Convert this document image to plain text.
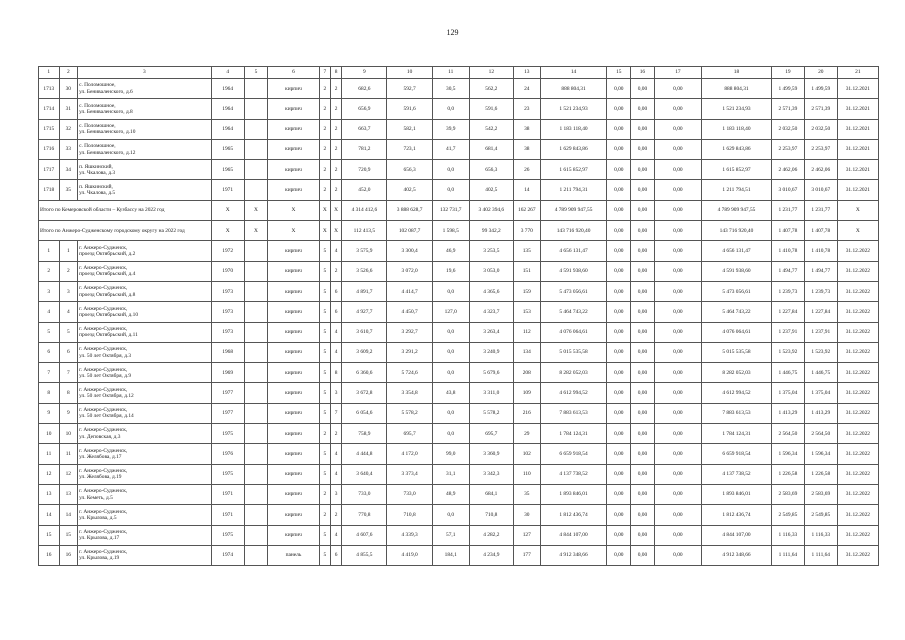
129
1	2	3	4	5	6	7	8	9	10	11	12	13	14	15	16	17	18	19	20	21
1713	30	с. Поломошное,
ул. Бениваленского, д.6	1964		кирпич	2	2	682,6	592,7	30,5	562,2	24	888 804,31	0,00	0,00	0,00	888 804,31	1 499,59	1 499,59	31.12.2021
1714	31	с. Поломошное,
ул. Бениваленского, д.8	1964		кирпич	2	2	656,9	591,6	0,0	591,6	23	1 521 234,93	0,00	0,00	0,00	1 521 234,93	2 571,39	2 571,39	31.12.2021
1715	32	с. Поломошное,
ул. Бениваленского, д.10	1964		кирпич	2	2	663,7	582,1	39,9	542,2	38	1 183 118,40	0,00	0,00	0,00	1 183 118,40	2 032,50	2 032,50	31.12.2021
1716	33	с. Поломошное,
ул. Бениваленского, д.12	1965		кирпич	2	2	781,2	723,1	41,7	681,4	38	1 629 843,86	0,00	0,00	0,00	1 629 843,86	2 253,97	2 253,97	31.12.2021
1717	34	п. Яшкинский,
ул. Чкалова, д.3	1965		кирпич	2	2	720,9	656,3	0,0	656,3	26	1 615 852,97	0,00	0,00	0,00	1 615 852,97	2 462,06	2 462,06	31.12.2021
1718	35	п. Яшкинский,
ул. Чкалова, д.5	1971		кирпич	2	2	452,0	402,5	0,0	402,5	14	1 211 794,31	0,00	0,00	0,00	1 211 794,51	3 010,67	3 010,67	31.12.2021
Итого по Кемеровской области – Кузбассу на 2022 год			X	X	X	X	X	4 314 412,6	3 888 628,7	132 731,7	3 402 394,6	162 267	4 789 909 947,55	0,00	0,00	0,00	4 789 909 947,55	1 231,77	1 231,77	X
Итого по Анжеро-Судженскому городскому округу на 2022 год			X	X	X	X	X	112 413,5	102 087,7	1 598,5	99 342,2	3 770	143 716 920,40	0,00	0,00	0,00	143 716 920,40	1 407,78	1 407,78	X
1	1	г. Анжеро-Судженск,
проезд Октябрьский, д.2	1972		кирпич	5	4	3 575,9	3 300,4	46,9	3 253,5	135	4 656 131,47	0,00	0,00	0,00	4 656 131,47	1 410,78	1 410,78	31.12.2022
2	2	г. Анжеро-Судженск,
проезд Октябрьский, д.4	1970		кирпич	5	2	3 526,6	3 072,0	19,6	3 053,0	151	4 591 938,60	0,00	0,00	0,00	4 591 938,60	1 494,77	1 494,77	31.12.2022
3	3	г. Анжеро-Судженск,
проезд Октябрьский, д.8	1973		кирпич	5	6	4 891,7	4 414,7	0,0	4 365,6	159	5 473 056,61	0,00	0,00	0,00	5 473 056,61	1 239,73	1 239,73	31.12.2022
4	4	г. Анжеро-Судженск,
проезд Октябрьский, д.10	1973		кирпич	5	6	4 927,7	4 450,7	127,0	4 323,7	153	5 464 743,22	0,00	0,00	0,00	5 464 743,22	1 227,84	1 227,84	31.12.2022
5	5	г. Анжеро-Судженск,
проезд Октябрьский, д.11	1973		кирпич	5	4	3 610,7	3 292,7	0,0	3 263,4	112	4 076 064,61	0,00	0,00	0,00	4 076 064,61	1 237,91	1 237,91	31.12.2022
6	6	г. Анжеро-Судженск,
ул. 50 лет Октября, д.3	1968		кирпич	5	4	3 609,2	3 291,2	0,0	3 240,9	134	5 015 535,58	0,00	0,00	0,00	5 015 535,58	1 523,92	1 523,92	31.12.2022
7	7	г. Анжеро-Судженск,
ул. 50 лет Октября, д.9	1969		кирпич	5	8	6 360,6	5 724,6	0,0	5 679,6	208	8 282 052,03	0,00	0,00	0,00	8 282 052,03	1 446,75	1 446,75	31.12.2022
8	8	г. Анжеро-Судженск,
ул. 50 лет Октября, д.12	1977		кирпич	5	3	3 672,8	3 354,8	43,8	3 311,0	109	4 612 994,52	0,00	0,00	0,00	4 612 994,52	1 375,04	1 375,04	31.12.2022
9	9	г. Анжеро-Судженск,
ул. 50 лет Октября, д.14	1977		кирпич	5	7	6 054,6	5 578,2	0,0	5 578,2	216	7 883 613,53	0,00	0,00	0,00	7 883 613,53	1 413,29	1 413,29	31.12.2022
10	10	г. Анжеро-Судженск,
ул. Деповская, д.3	1975		кирпич	2	2	758,9	695,7	0,0	695,7	29	1 784 124,31	0,00	0,00	0,00	1 784 124,31	2 564,50	2 564,50	31.12.2022
11	11	г. Анжеро-Судженск,
ул. Желябова, д.17	1976		кирпич	5	4	4 444,8	4 172,0	99,0	3 360,9	102	6 659 918,54	0,00	0,00	0,00	6 659 918,54	1 596,34	1 596,34	31.12.2022
12	12	г. Анжеро-Судженск,
ул. Желябова, д.19	1975		кирпич	5	4	3 640,4	3 373,4	31,1	3 342,3	110	4 137 738,52	0,00	0,00	0,00	4 137 738,52	1 226,58	1 226,58	31.12.2022
13	13	г. Анжеро-Судженск,
ул. Кеметь, д.5	1971		кирпич	2	3	733,0	733,0	48,9	684,1	35	1 893 846,01	0,00	0,00	0,00	1 893 846,01	2 583,69	2 583,69	31.12.2022
14	14	г. Анжеро-Судженск,
ул. Крылова, д.5	1971		кирпич	2	2	770,8	710,8	0,0	710,8	30	1 812 436,74	0,00	0,00	0,00	1 812 436,74	2 549,85	2 549,85	31.12.2022
15	15	г. Анжеро-Судженск,
ул. Крылова, д.17	1975		кирпич	5	4	4 607,6	4 339,3	57,1	4 282,2	127	4 844 107,00	0,00	0,00	0,00	4 844 107,00	1 116,33	1 116,33	31.12.2022
16	16	г. Анжеро-Судженск,
ул. Крылова, д.19	1974		панель	5	6	4 855,5	4 419,0	184,1	4 234,9	177	4 912 348,66	0,00	0,00	0,00	4 912 348,66	1 111,64	1 111,64	31.12.2022
